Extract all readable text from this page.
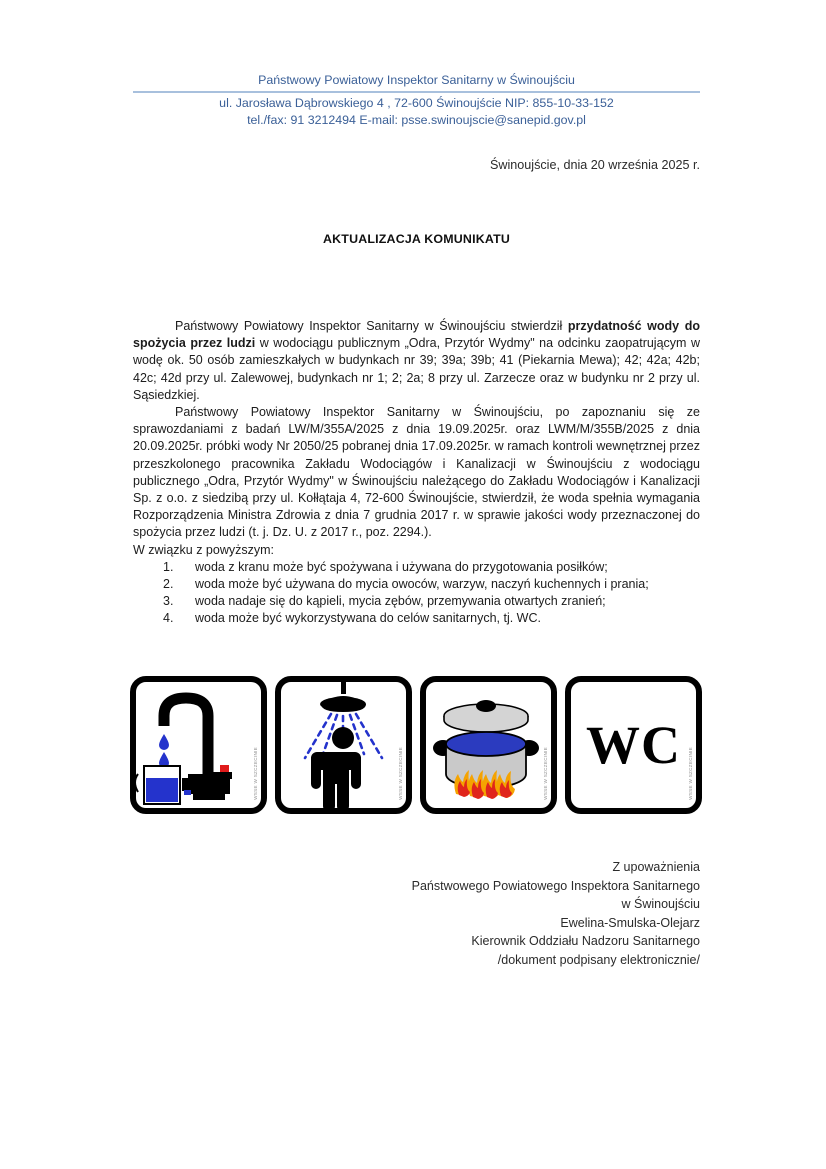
Państwowy Powiatowy Inspektor Sanitarny w Świnoujściu
ul. Jarosława Dąbrowskiego 4 , 72-600 Świnoujście NIP: 855-10-33-152
tel./fax: 91 3212494 E-mail: psse.swinoujscie@sanepid.gov.pl
Świnoujście, dnia 20 września 2025 r.
AKTUALIZACJA KOMUNIKATU

Państwowy Powiatowy Inspektor Sanitarny w Świnoujściu stwierdził przydatność wody do spożycia przez ludzi w wodociągu publicznym „Odra, Przytór Wydmy" na odcinku zaopatrującym w wodę ok. 50 osób zamieszkałych w budynkach nr 39; 39a; 39b; 41 (Piekarnia Mewa); 42; 42a; 42b; 42c; 42d przy ul. Zalewowej, budynkach nr 1; 2; 2a; 8 przy ul. Zarzecze oraz w budynku nr 2 przy ul. Sąsiedzkiej.

Państwowy Powiatowy Inspektor Sanitarny w Świnoujściu, po zapoznaniu się ze sprawozdaniami z badań LW/M/355A/2025 z dnia 19.09.2025r. oraz LWM/M/355B/2025 z dnia 20.09.2025r. próbki wody Nr 2050/25 pobranej dnia 17.09.2025r. w ramach kontroli wewnętrznej przez przeszkolonego pracownika Zakładu Wodociągów i Kanalizacji w Świnoujściu z wodociągu publicznego „Odra, Przytór Wydmy" w Świnoujściu należącego do Zakładu Wodociągów i Kanalizacji Sp. z o.o. z siedzibą przy ul. Kołłątaja 4, 72-600 Świnoujście, stwierdził, że woda spełnia wymagania Rozporządzenia Ministra Zdrowia z dnia 7 grudnia 2017 r. w sprawie jakości wody przeznaczonej do spożycia przez ludzi (t. j. Dz. U. z 2017 r., poz. 2294.).

W związku z powyższym:

woda z kranu może być spożywana i używana do przygotowania posiłków;
woda może być używana do mycia owoców, warzyw, naczyń kuchennych i prania;
woda nadaje się do kąpieli, mycia zębów, przemywania otwartych zranień;
woda może być wykorzystywana do celów sanitarnych, tj. WC.
WSSE W SZCZECINIE	WSSE W SZCZECINIE	WSSE W SZCZECINIE WC	WSSE W SZCZECINIE
Z upoważnienia
Państwowego Powiatowego Inspektora Sanitarnego
w Świnoujściu
Ewelina-Smulska-Olejarz
Kierownik Oddziału Nadzoru Sanitarnego
/dokument podpisany elektronicznie/
